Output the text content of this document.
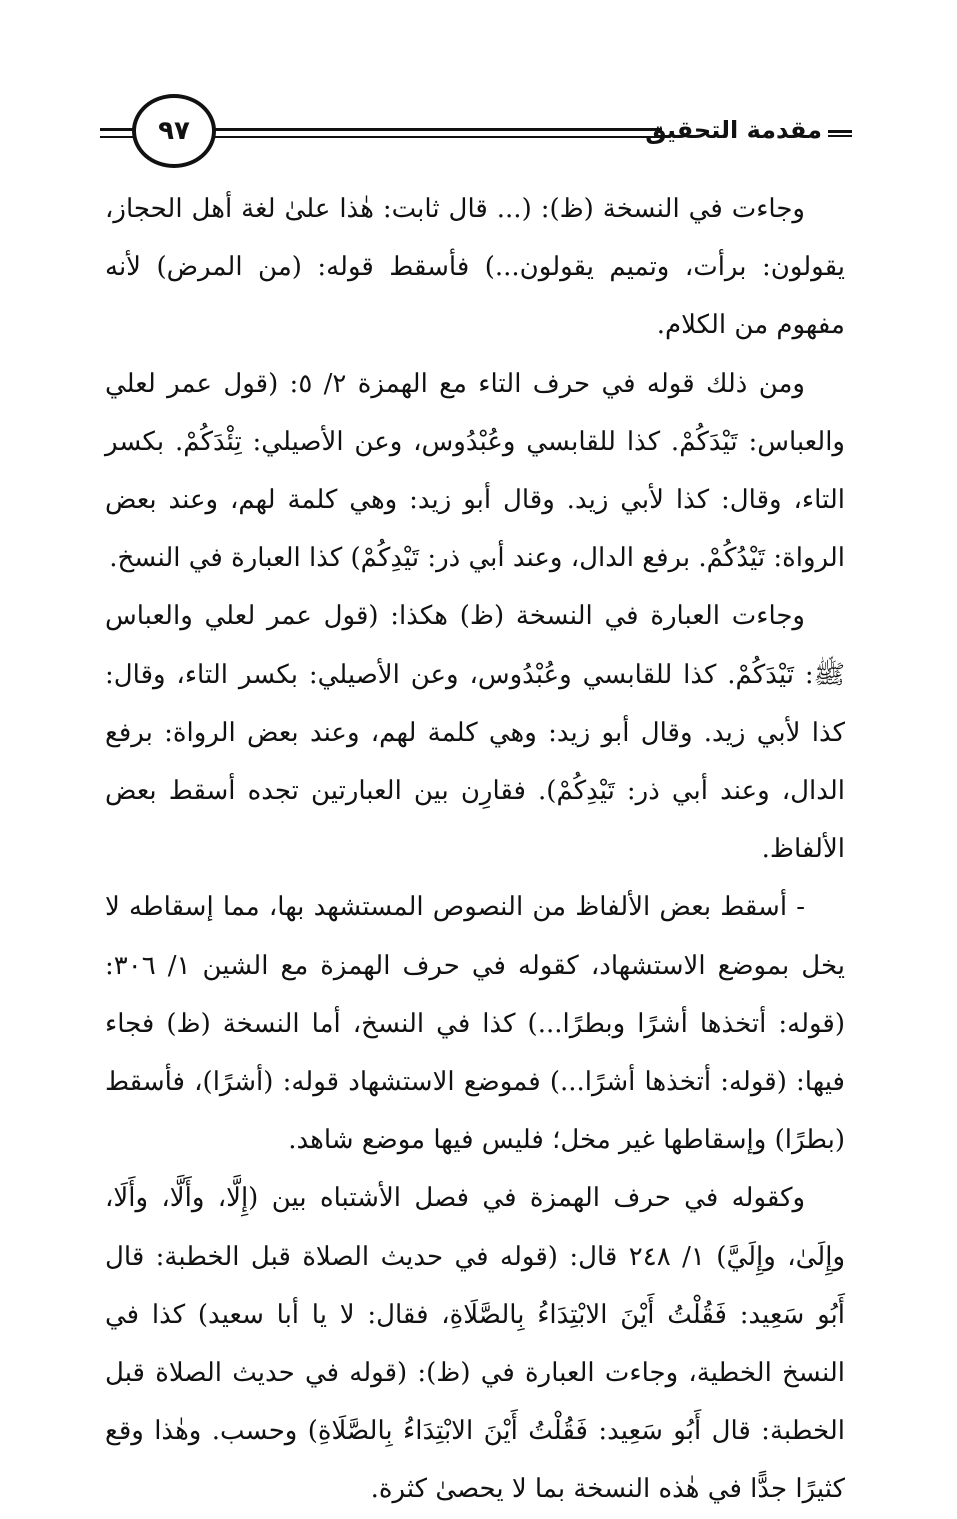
مقدمة التحقيق
٩٧

وجاءت في النسخة (ظ): (... قال ثابت: هٰذا علىٰ لغة أهل الحجاز، يقولون: برأت، وتميم يقولون...) فأسقط قوله: (من المرض) لأنه مفهوم من الكلام.

ومن ذلك قوله في حرف التاء مع الهمزة ٢/ ٥: (قول عمر لعلي والعباس: تَيْدَكُمْ. كذا للقابسي وعُبْدُوس، وعن الأصيلي: تِئْدَكُمْ. بكسر التاء، وقال: كذا لأبي زيد. وقال أبو زيد: وهي كلمة لهم، وعند بعض الرواة: تَيْدُكُمْ. برفع الدال، وعند أبي ذر: تَيْدِكُمْ) كذا العبارة في النسخ.

وجاءت العبارة في النسخة (ظ) هكذا: (قول عمر لعلي والعباس ﷺ: تَيْدَكُمْ. كذا للقابسي وعُبْدُوس، وعن الأصيلي: بكسر التاء، وقال: كذا لأبي زيد. وقال أبو زيد: وهي كلمة لهم، وعند بعض الرواة: برفع الدال، وعند أبي ذر: تَيْدِكُمْ). فقارِن بين العبارتين تجده أسقط بعض الألفاظ.

- أسقط بعض الألفاظ من النصوص المستشهد بها، مما إسقاطه لا يخل بموضع الاستشهاد، كقوله في حرف الهمزة مع الشين ١/ ٣٠٦: (قوله: أتخذها أشرًا وبطرًا...) كذا في النسخ، أما النسخة (ظ) فجاء فيها: (قوله: أتخذها أشرًا...) فموضع الاستشهاد قوله: (أشرًا)، فأسقط (بطرًا) وإسقاطها غير مخل؛ فليس فيها موضع شاهد.

وكقوله في حرف الهمزة في فصل الأشتباه بين (إِلَّا، وأَلَّا، وأَلَا، وإِلَىٰ، وإِلَيَّ) ١/ ٢٤٨ قال: (قوله في حديث الصلاة قبل الخطبة: قال أَبُو سَعِيد: فَقُلْتُ أَيْنَ الابْتِدَاءُ بِالصَّلَاةِ، فقال: لا يا أبا سعيد) كذا في النسخ الخطية، وجاءت العبارة في (ظ): (قوله في حديث الصلاة قبل الخطبة: قال أَبُو سَعِيد: فَقُلْتُ أَيْنَ الابْتِدَاءُ بِالصَّلَاةِ) وحسب. وهٰذا وقع كثيرًا جدًّا في هٰذه النسخة بما لا يحصىٰ كثرة.
